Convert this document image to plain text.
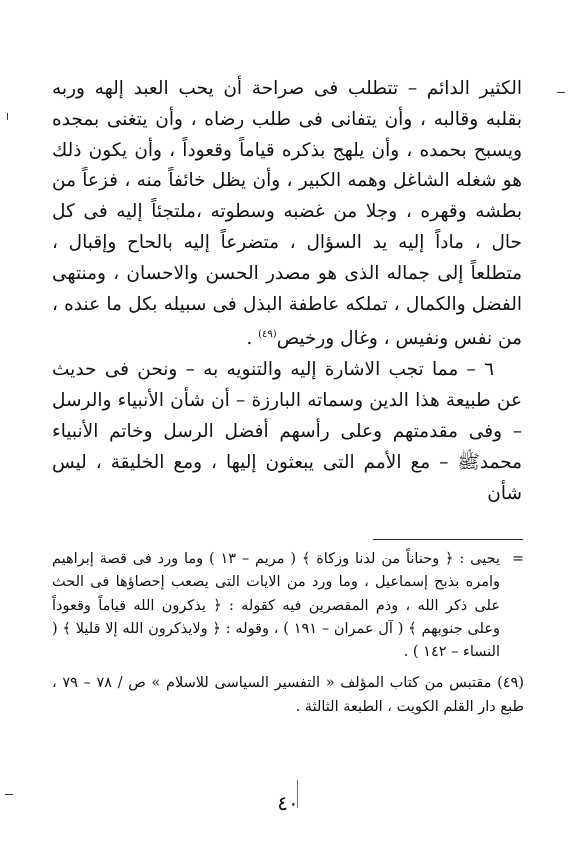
الكثير الدائم – تتطلب فى صراحة أن يحب العبد إلهه وربه بقلبه وقالبه ، وأن يتفانى فى طلب رضاه ، وأن يتغنى بمجده ويسبح بحمده ، وأن يلهج بذكره قياماً وقعوداً ، وأن يكون ذلك هو شغله الشاغل وهمه الكبير ، وأن يظل خائفاً منه ، فزعاً من بطشه وقهره ، وجلا من غضبه وسطوته ،ملتجئاً إليه فى كل حال ، ماداً إليه يد السؤال ، متضرعاً إليه بالحاح وإقبال ، متطلعاً إلى جماله الذى هو مصدر الحسن والاحسان ، ومنتهى الفضل والكمال ، تملكه عاطفة البذل فى سبيله بكل ما عنده ، من نفس ونفيس ، وغال ورخيص$^{(٤٩)}$ .

٦ – مما تجب الاشارة إليه والتنويه به – ونحن فى حديث عن طبيعة هذا الدين وسماته البارزة – أن شأن الأنبياء والرسل – وفى مقدمتهم وعلى رأسهم أفضل الرسل وخاتم الأنبياء محمدﷺ – مع الأمم التى يبعثون إليها ، ومع الخليقة ، ليس شأن

=
يحيى : ﴿ وحناناً من لدنا وزكاة ﴾ ( مريم – ١٣ ) وما ورد فى قصة إبراهيم وامره بذبح إسماعيل ، وما ورد من الايات التى يصعب إحصاؤها فى الحث على ذكر الله ، وذم المقصرين فيه كقوله : ﴿ يذكرون الله قياماً وقعوداً وعلى جنوبهم ﴾ ( آل عمران – ١٩١ ) ، وقوله : ﴿ ولايذكرون الله إلا قليلا ﴾ ( النساء – ١٤٢ ) .

(٤٩) مقتبس من كتاب المؤلف « التفسير السياسى للاسلام » ص / ٧٨ – ٧٩ ، طبع دار القلم الكويت ، الطبعة الثالثة .

٤٠
